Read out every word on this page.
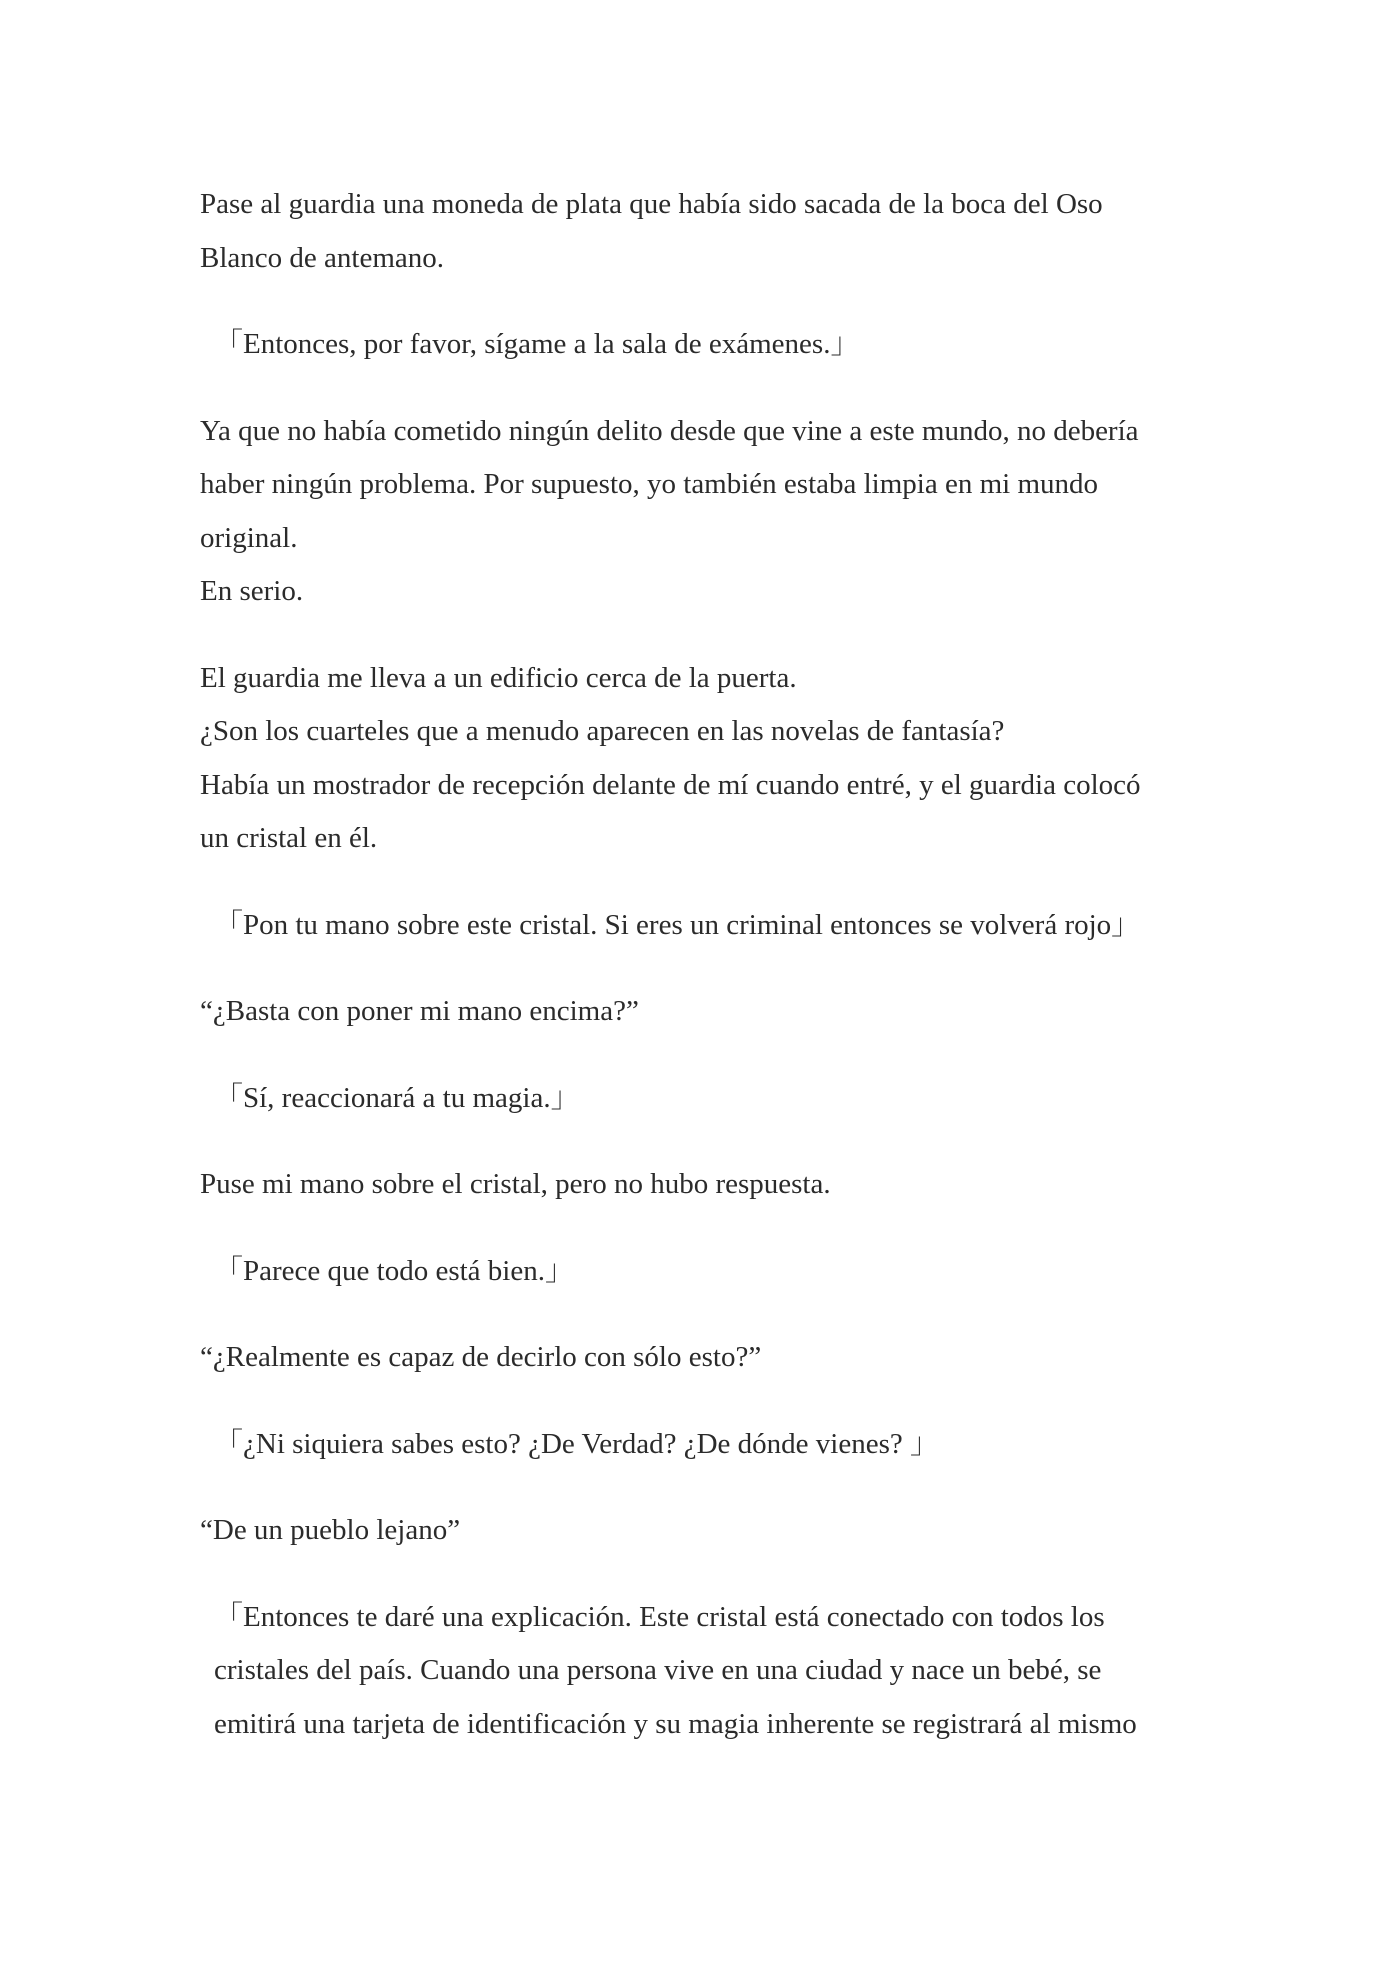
Pase al guardia una moneda de plata que había sido sacada de la boca del Oso
Blanco de antemano.

「Entonces, por favor, sígame a la sala de exámenes.」

Ya que no había cometido ningún delito desde que vine a este mundo, no debería
haber ningún problema. Por supuesto, yo también estaba limpia en mi mundo
original.
En serio.

El guardia me lleva a un edificio cerca de la puerta.
¿Son los cuarteles que a menudo aparecen en las novelas de fantasía?
Había un mostrador de recepción delante de mí cuando entré, y el guardia colocó
un cristal en él.

「Pon tu mano sobre este cristal. Si eres un criminal entonces se volverá rojo」

“¿Basta con poner mi mano encima?”

「Sí, reaccionará a tu magia.」

Puse mi mano sobre el cristal, pero no hubo respuesta.

「Parece que todo está bien.」

“¿Realmente es capaz de decirlo con sólo esto?”

「¿Ni siquiera sabes esto? ¿De Verdad? ¿De dónde vienes? 」

“De un pueblo lejano”

「Entonces te daré una explicación. Este cristal está conectado con todos los
cristales del país. Cuando una persona vive en una ciudad y nace un bebé, se
emitirá una tarjeta de identificación y su magia inherente se registrará al mismo
